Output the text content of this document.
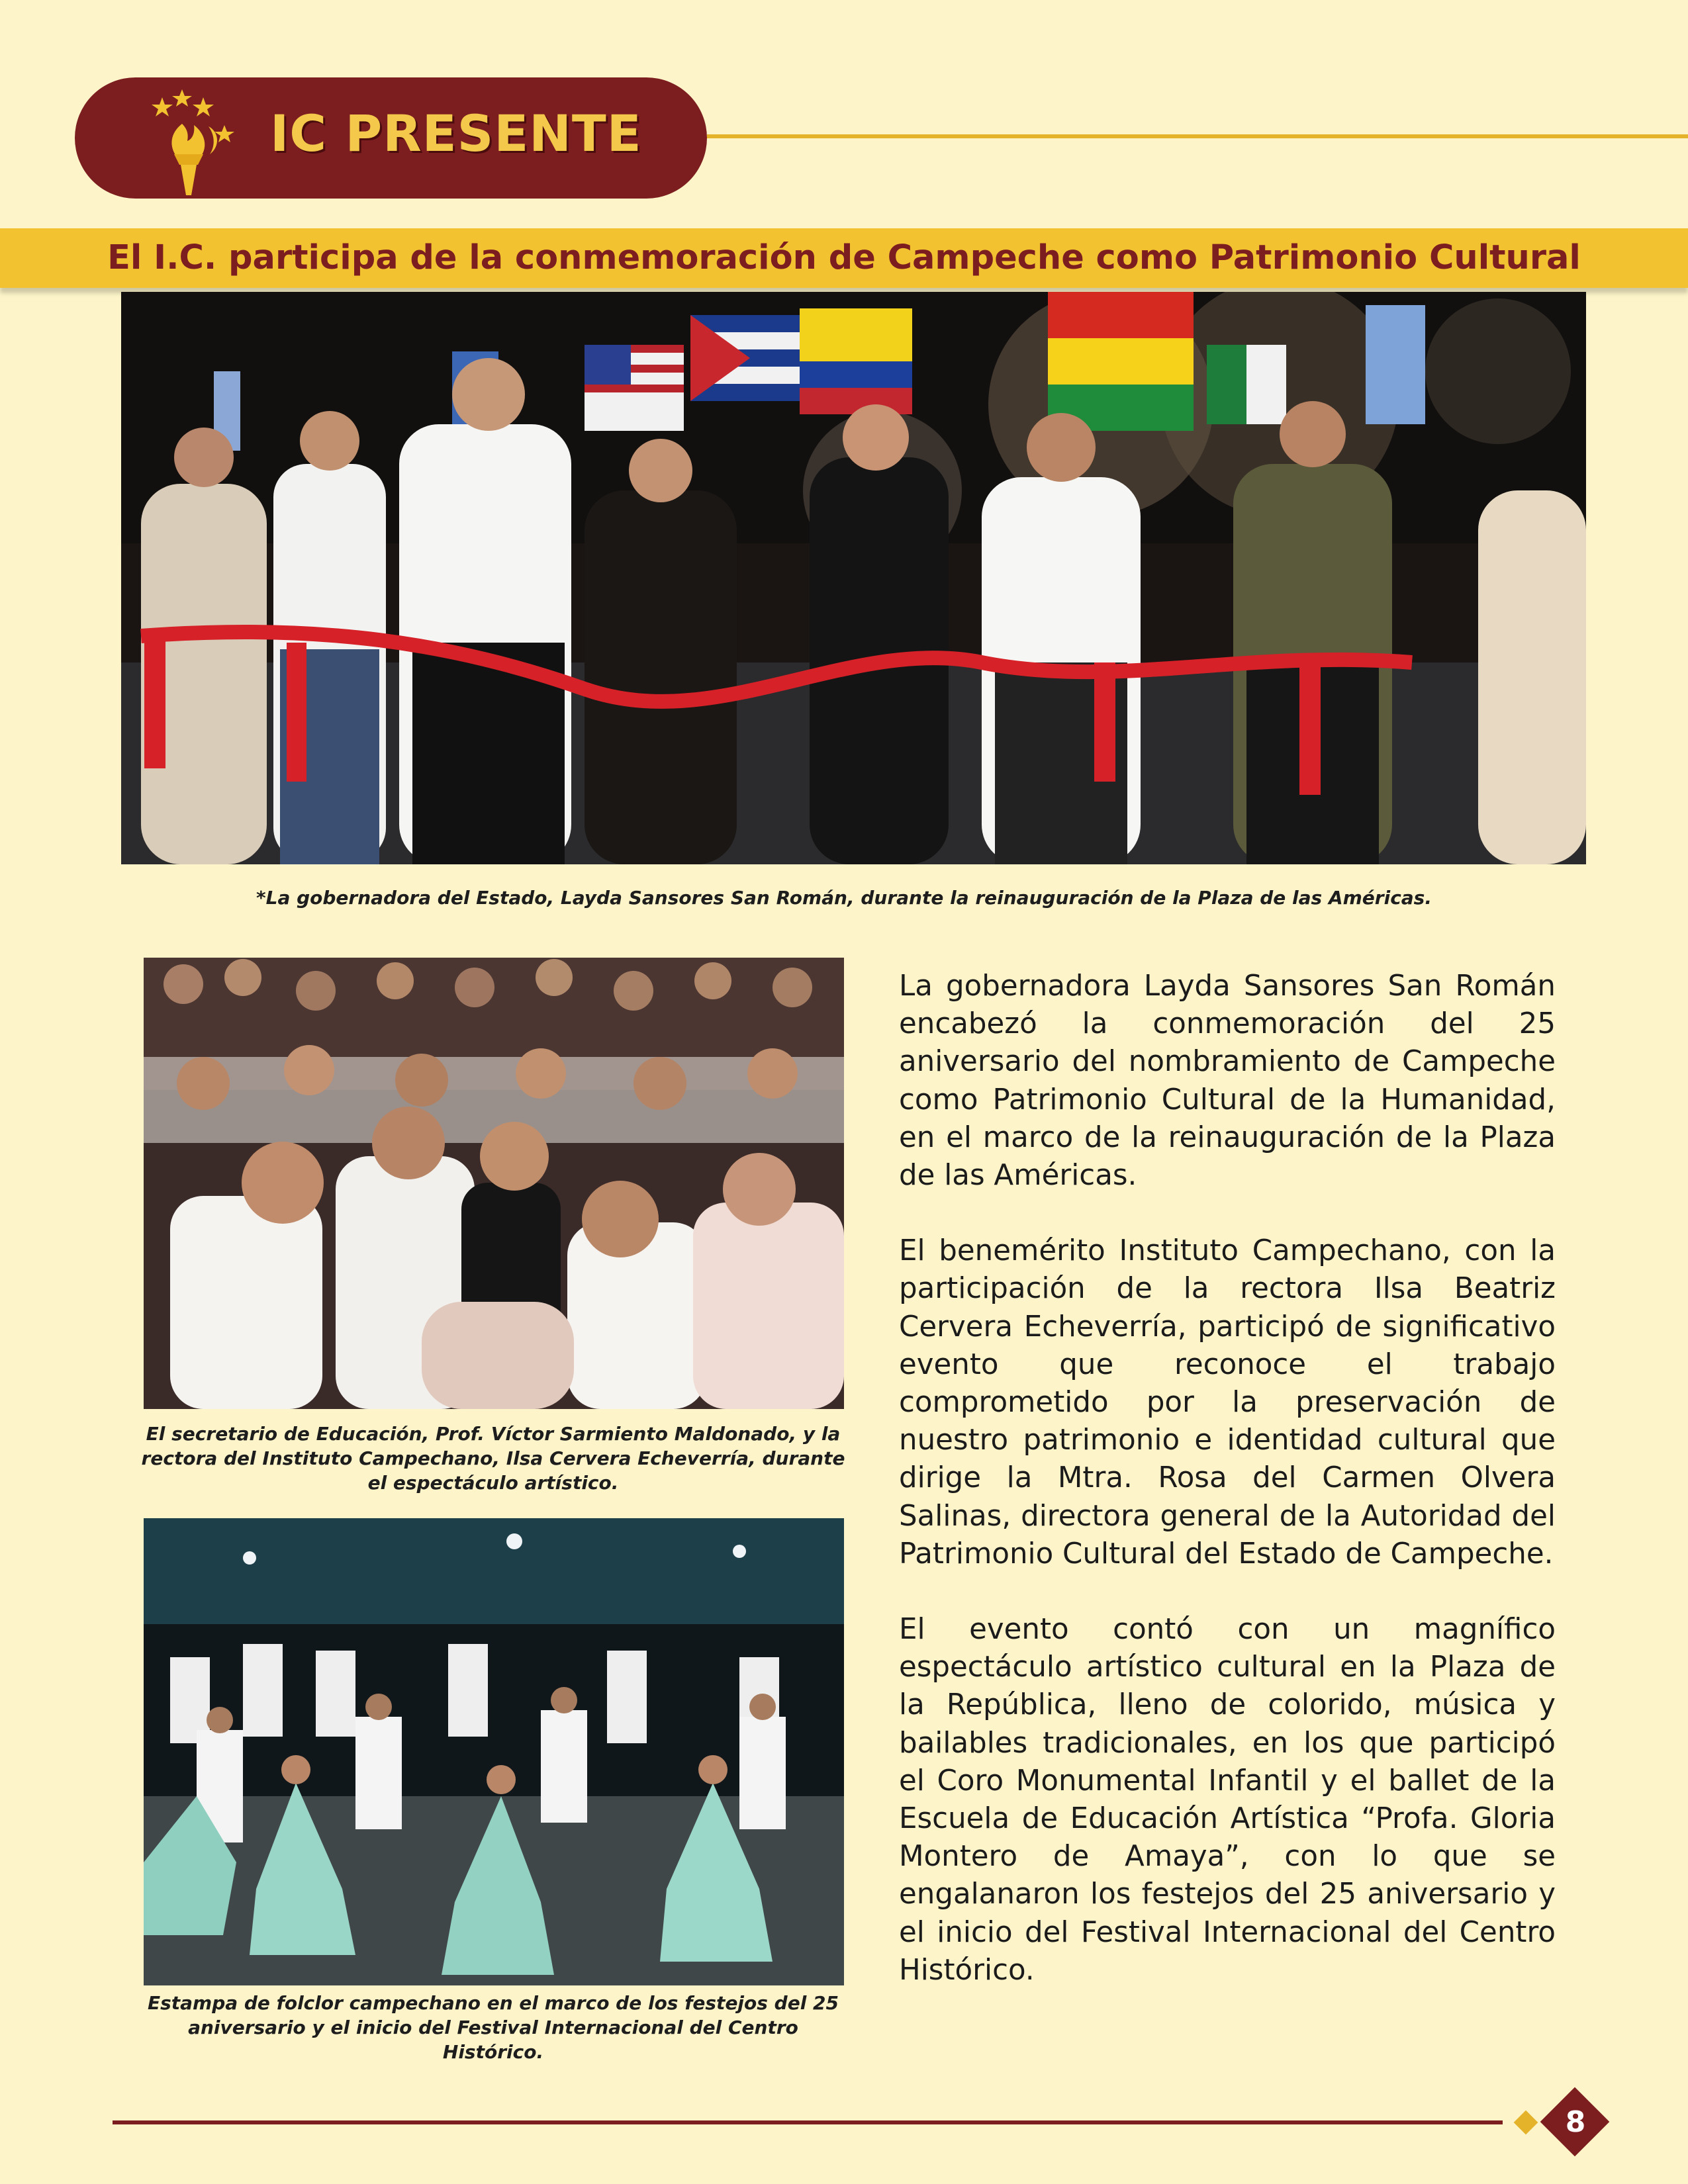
IC PRESENTE
El I.C. participa de la conmemoración de Campeche como Patrimonio Cultural
*La gobernadora del Estado, Layda Sansores San Román, durante la reinauguración de la Plaza de las Américas.
El secretario de Educación, Prof. Víctor Sarmiento Maldonado, y la rectora del Instituto Campechano, Ilsa Cervera Echeverría, durante el espectáculo artístico.
Estampa de folclor campechano en el marco de los festejos del 25 aniversario y el inicio del Festival Internacional del Centro Histórico.

La gobernadora Layda Sansores San Román encabezó la conmemoración del 25 aniversario del nombramiento de Campeche como Patrimonio Cultural de la Humanidad, en el marco de la reinauguración de la Plaza de las Américas.

El benemérito Instituto Campechano, con la participación de la rectora Ilsa Beatriz Cervera Echeverría, participó de significativo evento que reconoce el trabajo comprometido por la preservación de nuestro patrimonio e identidad cultural que dirige la Mtra. Rosa del Carmen Olvera Salinas, directora general de la Autoridad del Patrimonio Cultural del Estado de Campeche.

El evento contó con un magnífico espectáculo artístico cultural en la Plaza de la República, lleno de colorido, música y bailables tradicionales, en los que participó el Coro Monumental Infantil y el ballet de la Escuela de Educación Artística “Profa. Gloria Montero de Amaya”, con lo que se engalanaron los festejos del 25 aniversario y el inicio del Festival Internacional del Centro Histórico.

8
